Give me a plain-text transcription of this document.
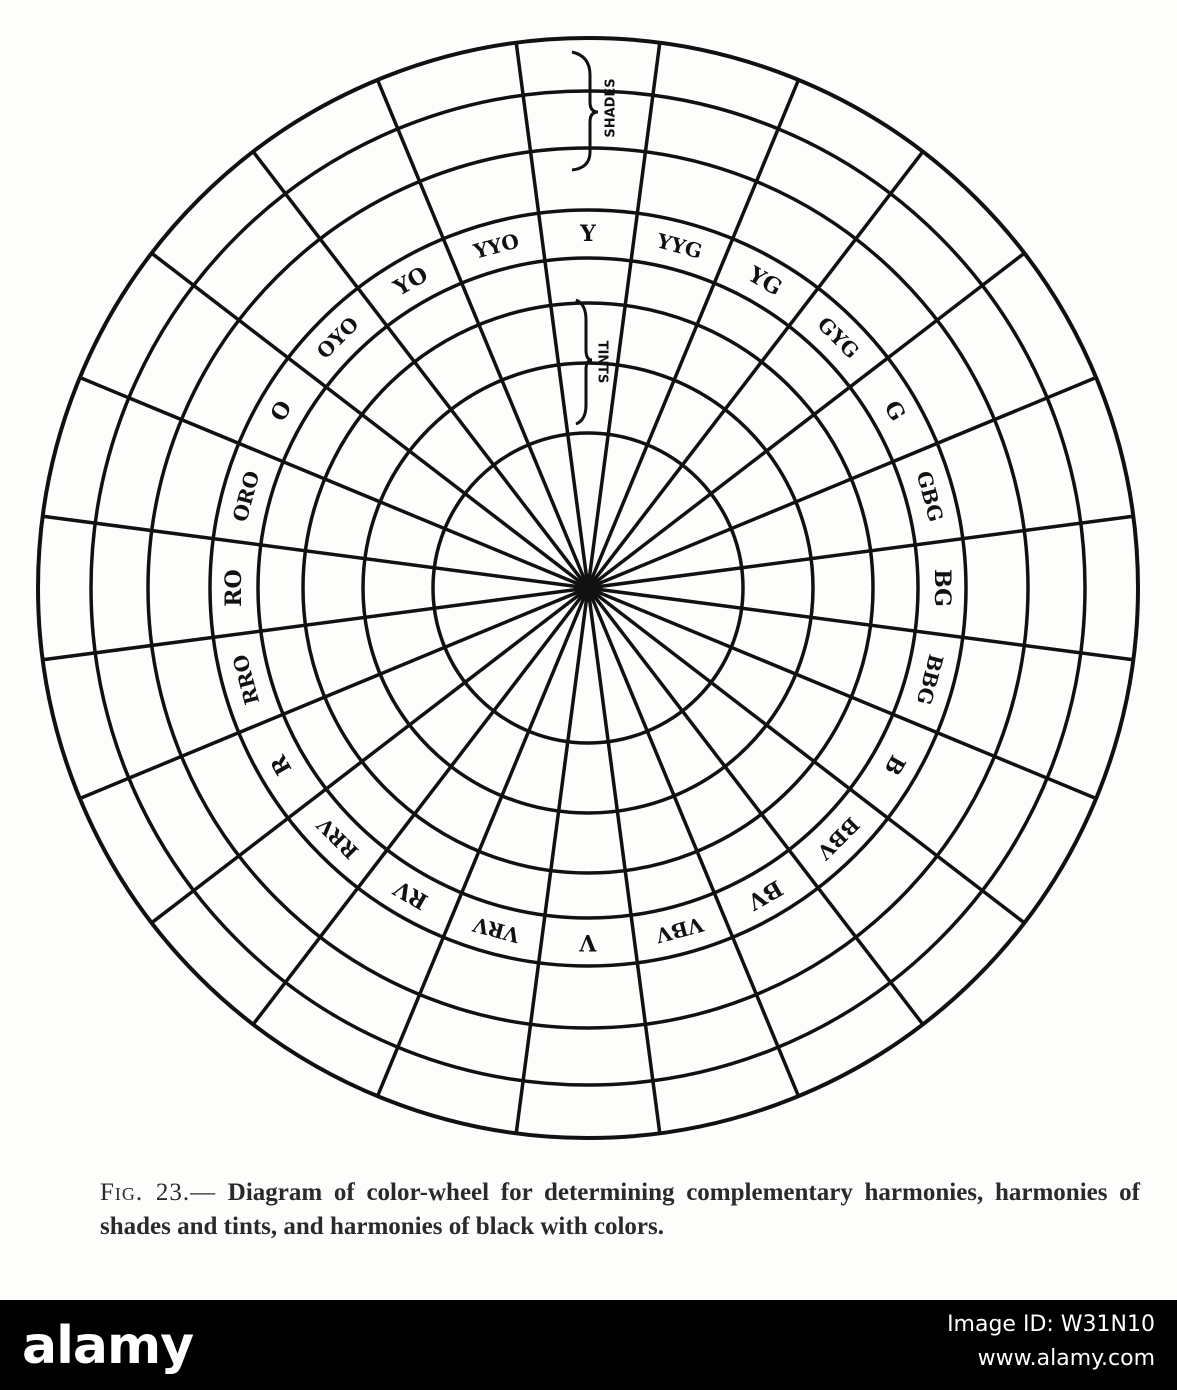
Y	YYG
YG
GYG
G
GBG
BG
BBG
B
BBV
BV
VBV
V
VRV
RV
RRV
R
RRO
RO
ORO
O
OYO
YO
YYO
SHADES
TINTS
Fig. 23.— Diagram of color-wheel for determining complementary harmonies, harmonies of shades and tints, and harmonies of black with colors.
alamy	Image ID: W31N10
www.alamy.com
